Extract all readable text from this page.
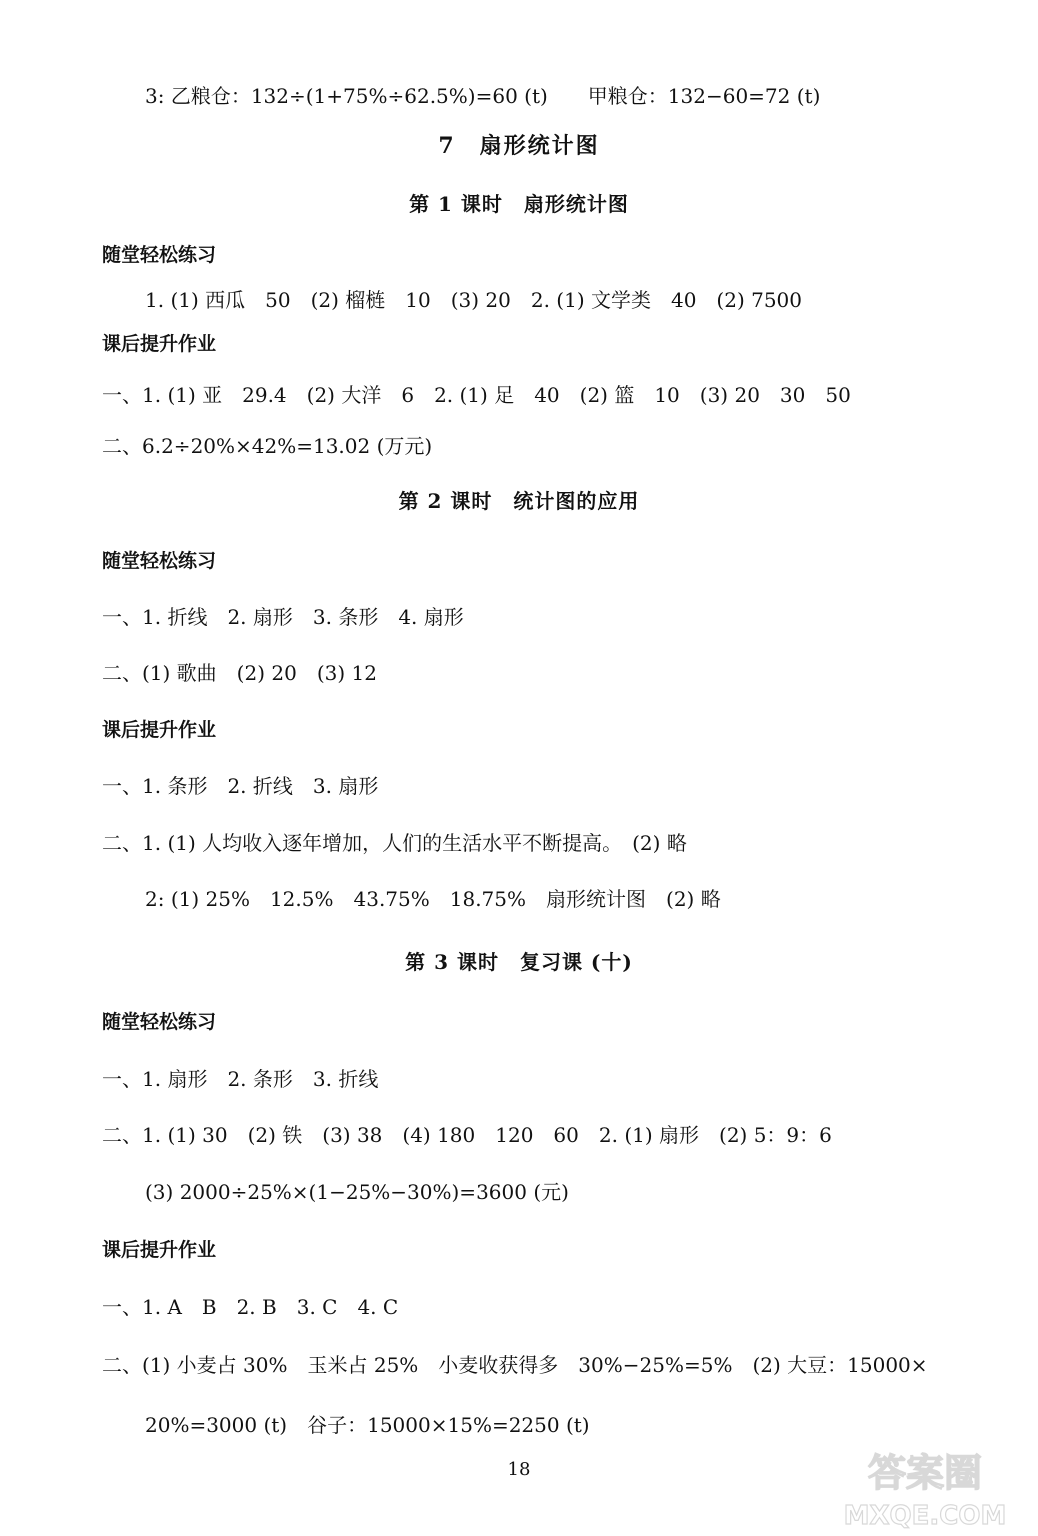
3: 乙粮仓：132÷(1+75%÷62.5%)=60 (t)　　甲粮仓：132−60=72 (t)
7　扇形统计图
第 1 课时　扇形统计图
随堂轻松练习
1. (1) 西瓜　50　(2) 榴梿　10　(3) 20　2. (1) 文学类　40　(2) 7500
课后提升作业
一、1. (1) 亚　29.4　(2) 大洋　6　2. (1) 足　40　(2) 篮　10　(3) 20　30　50
二、6.2÷20%×42%=13.02 (万元)
第 2 课时　统计图的应用
随堂轻松练习
一、1. 折线　2. 扇形　3. 条形　4. 扇形
二、(1) 歌曲　(2) 20　(3) 12
课后提升作业
一、1. 条形　2. 折线　3. 扇形
二、1. (1) 人均收入逐年增加，人们的生活水平不断提高。　(2) 略
2: (1) 25%　12.5%　43.75%　18.75%　扇形统计图　(2) 略
第 3 课时　复习课 (十)
随堂轻松练习
一、1. 扇形　2. 条形　3. 折线
二、1. (1) 30　(2) 铁　(3) 38　(4) 180　120　60　2. (1) 扇形　(2) 5：9：6
(3) 2000÷25%×(1−25%−30%)=3600 (元)
课后提升作业
一、1. A　B　2. B　3. C　4. C
二、(1) 小麦占 30%　玉米占 25%　小麦收获得多　30%−25%=5%　(2) 大豆：15000×
20%=3000 (t)　谷子：15000×15%=2250 (t)
18	答案圈
MXQE.COM
